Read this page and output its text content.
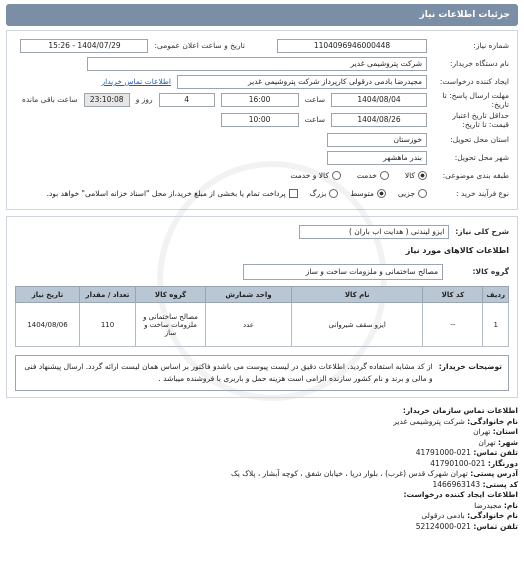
جزئیات اطلاعات نیاز
شماره نیاز:
1104096946000448
تاریخ و ساعت اعلان عمومی:
1404/07/29 - 15:26
نام دستگاه خریدار:
شرکت پتروشیمی غدیر
ایجاد کننده درخواست:
مجیدرضا بادمی درقولی کارپرداز شرکت پتروشیمی غدیر
اطلاعات تماس خریدار
مهلت ارسال پاسخ: تا تاریخ:
1404/08/04
ساعت
16:00
4
روز و
23:10:08
ساعت باقی مانده
حداقل تاریخ اعتبار قیمت: تا تاریخ:
1404/08/26
ساعت
10:00
استان محل تحویل:
خوزستان
شهر محل تحویل:
بندر ماهشهر
طبقه بندی موضوعی:
کالا
خدمت
کالا و خدمت
نوع فرآیند خرید :
جزیی
متوسط
بزرگ
پرداخت تمام یا بخشی از مبلغ خرید،از محل "اسناد خزانه اسلامی" خواهد بود.
شرح کلی نیاز:
ایزو لیندنی ( هدایت اب باران )
اطلاعات کالاهای مورد نیاز
گروه کالا:
مصالح ساختمانی و ملزومات ساخت و ساز
ردیف	کد کالا	نام کالا	واحد شمارش	گروه کالا	تعداد / مقدار	تاریخ نیاز
1	--	ایزو سقف شیروانی	عدد	مصالح ساختمانی و ملزومات ساخت و ساز	110	1404/08/06
توضیحات خریدار:
از کد مشابه استفاده گردید. اطلاعات دقیق در لیست پیوست می باشدو فاکتور بر اساس همان لیست ارائه گردد. ارسال پیشنهاد فنی و مالی و برند و نام کشور سازنده الزامی است هزینه حمل و باربری با فروشنده میباشد .
اطلاعات تماس سازمان خریدار:
نام خانوادگی: شرکت پتروشیمی غدیر
استان: تهران
شهر: تهران
تلفن تماس: 021-41791000
دورنگار: 021-41790100
آدرس پستی: تهران شهرک قدس (غرب) ، بلوار دریا ، خیابان شفق ، کوچه آبشار ، پلاک یک
کد پستی: 1466963143
اطلاعات ایجاد کننده درخواست:
نام: مجیدرضا
نام خانوادگی: بادمی درقولی
تلفن تماس: 021-52124000
